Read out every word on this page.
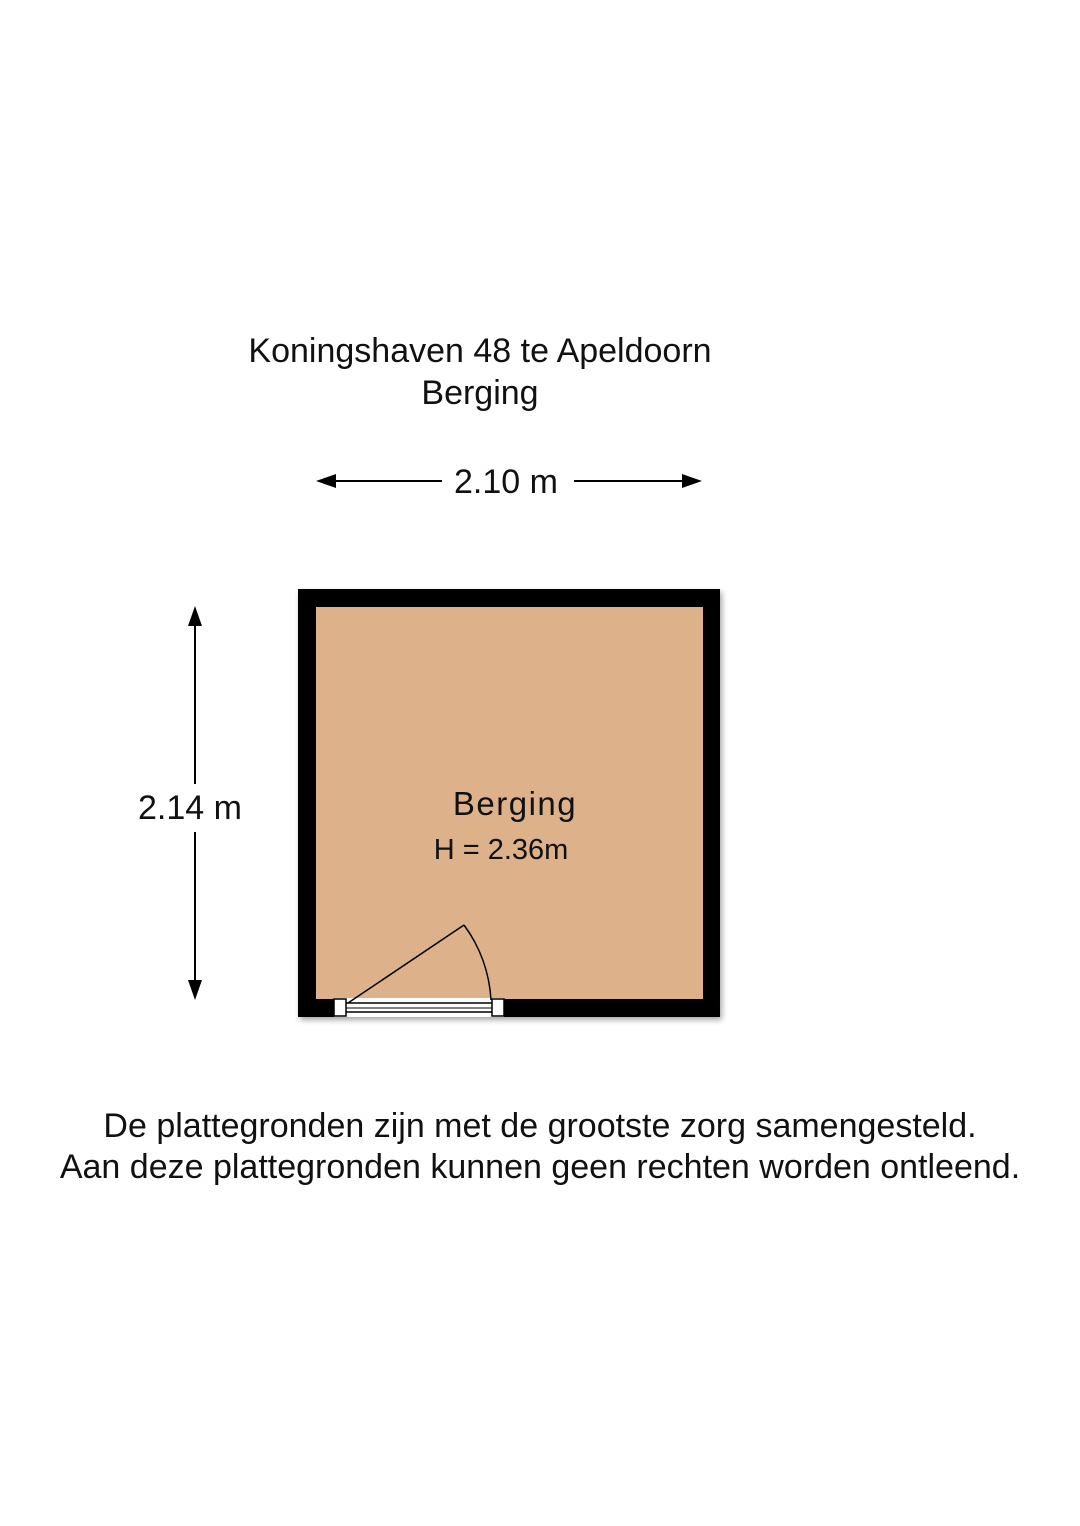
Koningshaven 48 te Apeldoorn
Berging
2.10 m
2.14 m	Berging
H = 2.36m
De plattegronden zijn met de grootste zorg samengesteld.
Aan deze plattegronden kunnen geen rechten worden ontleend.
